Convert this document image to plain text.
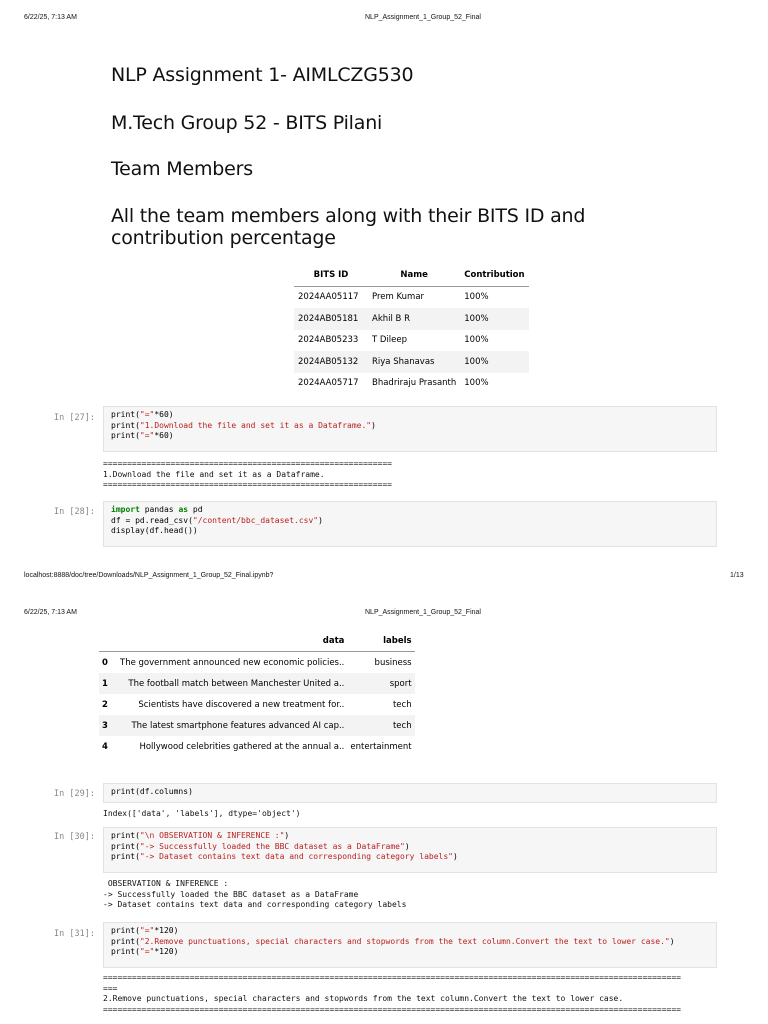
6/22/25, 7:13 AM	NLP_Assignment_1_Group_52_Final
NLP Assignment 1- AIMLCZG530
M.Tech Group 52 - BITS Pilani
Team Members
All the team members along with their BITS ID and
contribution percentage
BITS ID	Name	Contribution
2024AA05117	Prem Kumar	100%
2024AB05181	Akhil B R	100%
2024AB05233	T Dileep	100%
2024AB05132	Riya Shanavas	100%
2024AA05717	Bhadriraju Prasanth	100%
In [27]:	print("="*60)
print("1.Download the file and set it as a Dataframe.")
print("="*60)
============================================================
1.Download the file and set it as a Dataframe.
============================================================
In [28]:	import pandas as pd
df = pd.read_csv("/content/bbc_dataset.csv")
display(df.head())
localhost:8888/doc/tree/Downloads/NLP_Assignment_1_Group_52_Final.ipynb?	1/13
6/22/25, 7:13 AM	NLP_Assignment_1_Group_52_Final
	data	labels
0	The government announced new economic policies..	business
1	The football match between Manchester United a..	sport
2	Scientists have discovered a new treatment for..	tech
3	The latest smartphone features advanced AI cap..	tech
4	Hollywood celebrities gathered at the annual a..	entertainment
In [29]:	print(df.columns)
Index(['data', 'labels'], dtype='object')
In [30]:	print("\n OBSERVATION & INFERENCE :")
print("-> Successfully loaded the BBC dataset as a DataFrame")
print("-> Dataset contains text data and corresponding category labels")
OBSERVATION & INFERENCE :
-> Successfully loaded the BBC dataset as a DataFrame
-> Dataset contains text data and corresponding category labels
In [31]:	print("="*120)
print("2.Remove punctuations, special characters and stopwords from the text column.Convert the text to lower case.")
print("="*120)
========================================================================================================================
===
2.Remove punctuations, special characters and stopwords from the text column.Convert the text to lower case.
========================================================================================================================
